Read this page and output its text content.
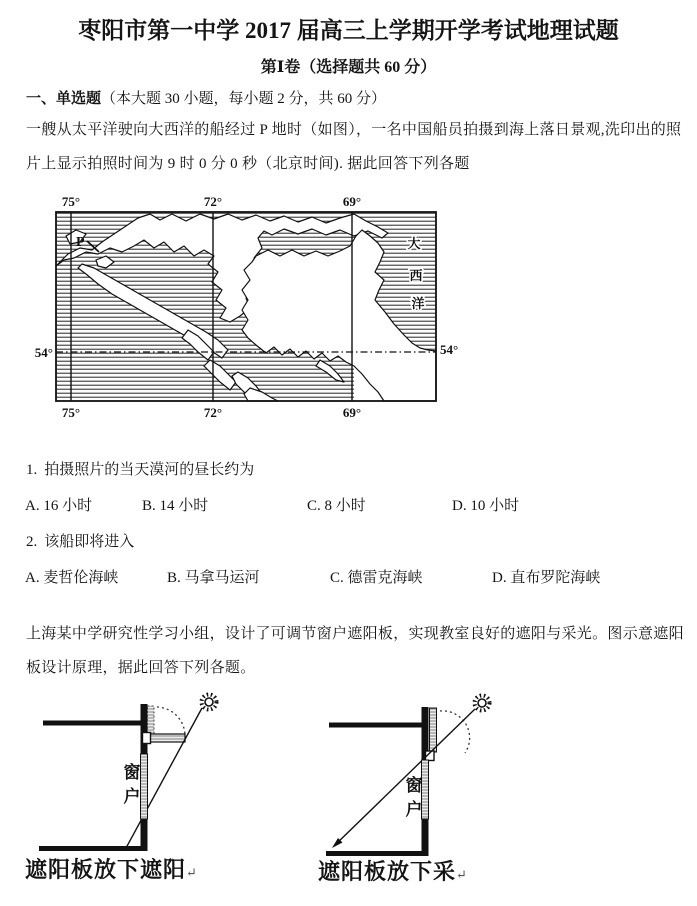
枣阳市第一中学 2017 届高三上学期开学考试地理试题
第Ⅰ卷（选择题共 60 分）
一、单选题（本大题 30 小题，每小题 2 分，共 60 分）
一艘从太平洋驶向大西洋的船经过 P 地时（如图），一名中国船员拍摄到海上落日景观,洗印出的照
片上显示拍照时间为 9 时 0 分 0 秒（北京时间). 据此回答下列各题
75°	72°	69°
75°	72°	69°
54°	54°
大
西
洋
P
1. 拍摄照片的当天漠河的昼长约为
A. 16 小时	B. 14 小时	C. 8 小时	D. 10 小时
2. 该船即将进入
A. 麦哲伦海峡	B. 马拿马运河	C. 德雷克海峡	D. 直布罗陀海峡
上海某中学研究性学习小组，设计了可调节窗户遮阳板，实现教室良好的遮阳与采光。图示意遮阳
板设计原理，据此回答下列各题。
窗
户
窗
户
遮阳板放下遮阳↵	遮阳板放下采↵
